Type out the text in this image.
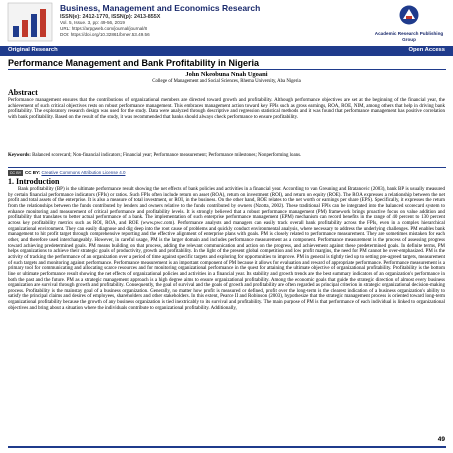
Business, Management and Economics Research
ISSN(e): 2412-1770, ISSN(p): 2413-855X
Vol. 5, Issue. 3, pp: 49-56, 2019
URL: https://arpgweb.com/journal/journal/8
DOI: https://doi.org/10.32861/bmer.53.49.56	Academic Research Publishing
Group
Original Research	Open Access
Performance Management and Bank Profitability in Nigeria
John Nkeobuna Nnah Ugoani
College of Management and Social Sciences, Rhema University, Aba Nigeria
Abstract
Performance management ensures that the contributions of organizational members are directed toward growth and profitability. Although performance objectives are set at the beginning of the financial year, the achievement of such critical objectives rests on robust performance management. This embraces management action toward key FPIs such as gross earnings, ROA, ROE, NIM, among others that help in driving bank profitability. The exploratory research design was used for the study. Data were analyzed through descriptive and regression statistical methods and it was found that performance management has positive correlation with bank profitability. Based on the result of the study, it was recommended that banks should always check performance to ensure profitability.
Keywords: Balanced scorecard; Non-financial indicators; Financial year; Performance measurement; Performance milestones; Nonperforming loans.
CC BY CC BY: Creative Commons Attribution License 4.0
1. Introduction

Bank profitability (BP) is the ultimate performance result showing the net effects of bank policies and activities in a financial year. According to van Greuning and Bratanovic (2003), bank BP is usually measured by certain financial performance indicators (FPIs) or ratios. Such FPIs often include return on asset (ROA), return on investment (ROI), and return on equity (ROE). The ROA expresses a relationship between the net profit and total assets of the enterprise. It is also a measure of total investment, or ROI, in the business. On the other hand, ROE relates to the net worth or earnings per share (EPS). Specifically, it expresses the return from the relationships between the funds contributed by lenders and owners relative to the funds contributed by owners (Nzotta, 2002). These traditional FPIs can be integrated into the balanced scorecard system to enhance monitoring and measurement of critical performance and profitability levels. It is strongly believed that a robust performance management (PM) framework brings proactive focus on value addition and profitability that translates to better actual performance of a bank. The implementation of such enterprise performance management (EPM) mechanism can record benefits in the range of 40 percent to 130 percent across key profitability metrics such as ROI, ROA, and ROE (www.pwc.com). Performance analysts and managers can easily track overall bank profitability across the FPIs, even in a complex hierarchical organizational environment. They can easily diagnose and dig deep into the root cause of problems and quickly conduct environmental analysis, where necessary to address the underlying challenges. PM enables bank management to hit profit target through comprehensive reporting and the effective alignment of enterprise plans with goals. PM is closely related to performance measurement. They are sometimes mistaken for each other, and therefore used interchangeably. However, in careful usage, PM is the larger domain and includes performance measurement as a component. Performance measurement is the process of assessing progress toward achieving predetermined goals. PM means building on that process, adding the relevant communication and action on the progress, and achievement against these predetermined goals. In definite terms, PM helps organizations to achieve their strategic goals of productivity, growth and profitability. In the light of the present global competition and low profit margins, the need for PM cannot be over-emphasized. PM is the activity of tracking the performance of an organization over a period of time against specific targets and exploring for opportunities to improve. PM in general is tightly tied up to setting pre-agreed targets, measurement of such targets and monitoring against performance. Performance measurement is an important component of PM because it allows for evaluation and reward of appropriate performance. Performance measurement is a primary tool for communicating and allocating scarce resources and for monitoring organizational performance in the quest for attaining the ultimate objective of organizational profitability. Profitability is the bottom line or ultimate performance result showing the net effects of organizational policies and activities in a financial year. Its stability and growth trends are the best summary indicators of an organization's performance in both the past and the future. PM as a strategic management approach is a high degree aims to ensure organizational profitability. Among the economic goals that guide the strategic direction of almost every business organization are survival through growth and profitability. Consequently, the goal of survival and the goals of growth and profitability are often regarded as principal criterion in strategic organizational decision-making process. Profitability is the mainstay goal of a business organization. Generally, no matter how profit is measured or defined, profit over the long-term is the clearest indication of a business organization's ability to satisfy the principal claims and desires of employees, shareholders and other stakeholders. In this extent, Pearce II and Robinson (2003), hypothesize that the strategic management process is oriented toward long-term organizational profitability because the growth of any business organization is tied inextricably to its survival and profitability. The main purpose of PM is that performance of each individual is linked to organizational objectives and bring about a situation where the individuals contribute to organizational profitability. Additionally,

49
